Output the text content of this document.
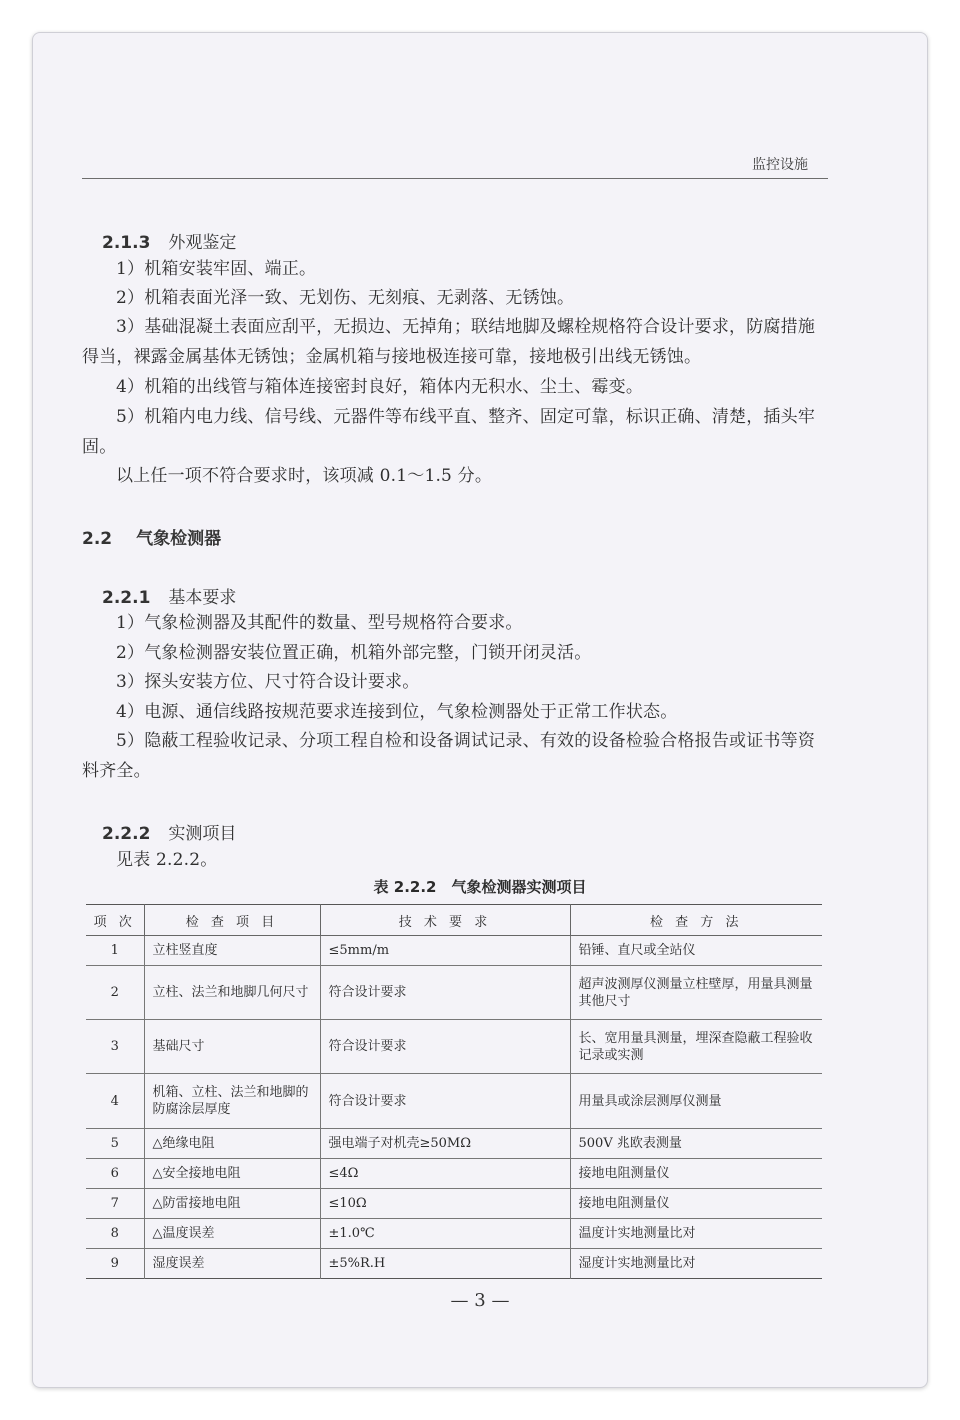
监控设施
2.1.3 外观鉴定
1）机箱安装牢固、端正。
2）机箱表面光泽一致、无划伤、无刻痕、无剥落、无锈蚀。
3）基础混凝土表面应刮平，无损边、无掉角；联结地脚及螺栓规格符合设计要求，防腐措施得当，裸露金属基体无锈蚀；金属机箱与接地极连接可靠，接地极引出线无锈蚀。
4）机箱的出线管与箱体连接密封良好，箱体内无积水、尘土、霉变。
5）机箱内电力线、信号线、元器件等布线平直、整齐、固定可靠，标识正确、清楚，插头牢固。
以上任一项不符合要求时，该项减 0.1～1.5 分。
2.2 气象检测器
2.2.1 基本要求
1）气象检测器及其配件的数量、型号规格符合要求。
2）气象检测器安装位置正确，机箱外部完整，门锁开闭灵活。
3）探头安装方位、尺寸符合设计要求。
4）电源、通信线路按规范要求连接到位，气象检测器处于正常工作状态。
5）隐蔽工程验收记录、分项工程自检和设备调试记录、有效的设备检验合格报告或证书等资料齐全。
2.2.2 实测项目
见表 2.2.2。
表 2.2.2　气象检测器实测项目
项 次	检 查 项 目	技 术 要 求	检 查 方 法
1	立柱竖直度	≤5mm/m	铅锤、直尺或全站仪
2	立柱、法兰和地脚几何尺寸	符合设计要求	超声波测厚仪测量立柱壁厚，用量具测量其他尺寸
3	基础尺寸	符合设计要求	长、宽用量具测量，埋深查隐蔽工程验收记录或实测
4	机箱、立柱、法兰和地脚的防腐涂层厚度	符合设计要求	用量具或涂层测厚仪测量
5	△绝缘电阻	强电端子对机壳≥50MΩ	500V 兆欧表测量
6	△安全接地电阻	≤4Ω	接地电阻测量仪
7	△防雷接地电阻	≤10Ω	接地电阻测量仪
8	△温度误差	±1.0℃	温度计实地测量比对
9	湿度误差	±5%R.H	湿度计实地测量比对
— 3 —
